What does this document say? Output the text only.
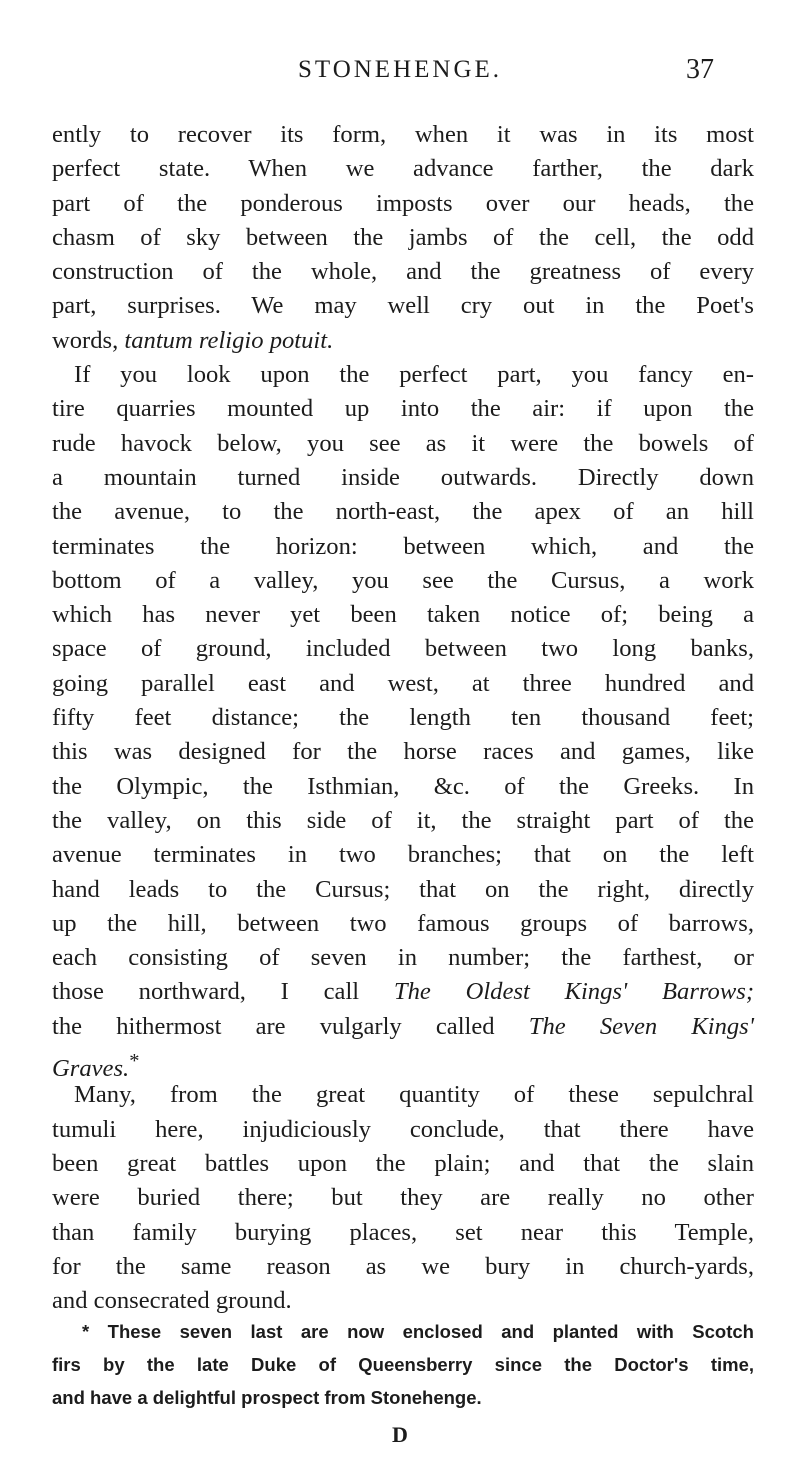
STONEHENGE.	37
ently to recover its form, when it was in its most
perfect state. When we advance farther, the dark
part of the ponderous imposts over our heads, the
chasm of sky between the jambs of the cell, the odd
construction of the whole, and the greatness of every
part, surprises. We may well cry out in the Poet's
words, tantum religio potuit.
If you look upon the perfect part, you fancy en-
tire quarries mounted up into the air: if upon the
rude havock below, you see as it were the bowels of
a mountain turned inside outwards. Directly down
the avenue, to the north-east, the apex of an hill
terminates the horizon: between which, and the
bottom of a valley, you see the Cursus, a work
which has never yet been taken notice of; being a
space of ground, included between two long banks,
going parallel east and west, at three hundred and
fifty feet distance; the length ten thousand feet;
this was designed for the horse races and games, like
the Olympic, the Isthmian, &c. of the Greeks. In
the valley, on this side of it, the straight part of the
avenue terminates in two branches; that on the left
hand leads to the Cursus; that on the right, directly
up the hill, between two famous groups of barrows,
each consisting of seven in number; the farthest, or
those northward, I call The Oldest Kings' Barrows;
the hithermost are vulgarly called The Seven Kings'
Graves.*
Many, from the great quantity of these sepulchral
tumuli here, injudiciously conclude, that there have
been great battles upon the plain; and that the slain
were buried there; but they are really no other
than family burying places, set near this Temple,
for the same reason as we bury in church-yards,
and consecrated ground.
* These seven last are now enclosed and planted with Scotch
firs by the late Duke of Queensberry since the Doctor's time,
and have a delightful prospect from Stonehenge.
D
